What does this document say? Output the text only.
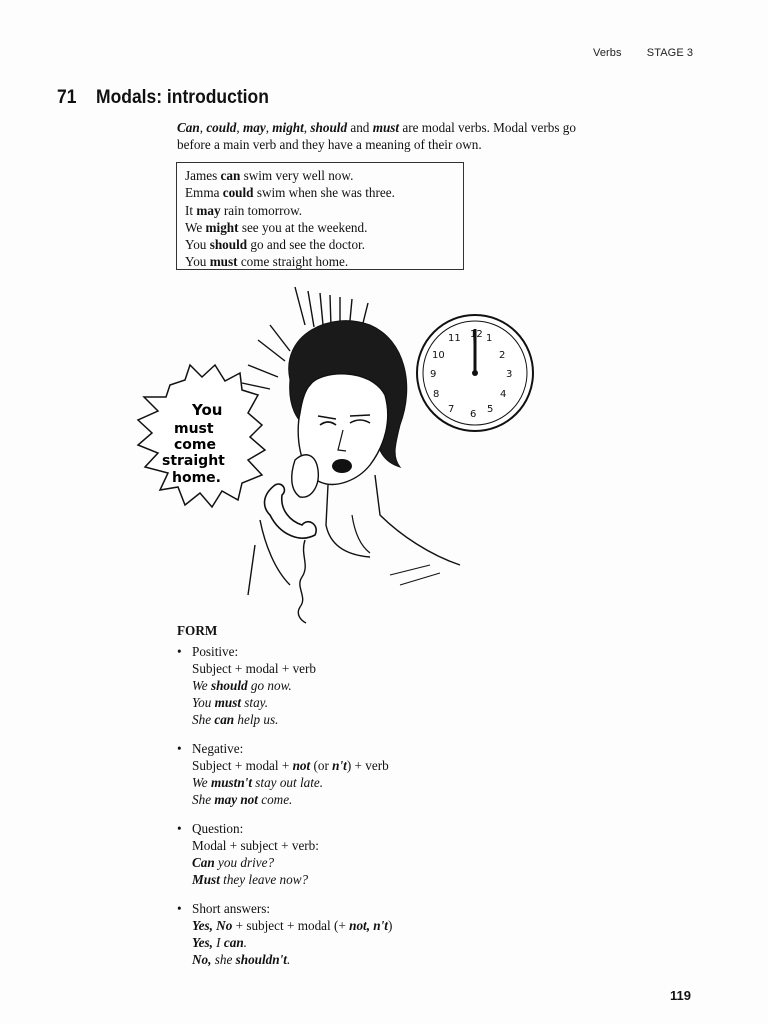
Verbs STAGE 3
71 Modals: introduction
Can, could, may, might, should and must are modal verbs. Modal verbs go
before a main verb and they have a meaning of their own.
James can swim very well now.
Emma could swim when she was three.
It may rain tomorrow.
We might see you at the weekend.
You should go and see the doctor.
You must come straight home.
You
must
come
straight
home.
12 1
2
3
4
5
6
7
8
9
10
11
FORM
• Positive:
Subject + modal + verb
We should go now.
You must stay.
She can help us.
• Negative:
Subject + modal + not (or n't) + verb
We mustn't stay out late.
She may not come.
• Question:
Modal + subject + verb:
Can you drive?
Must they leave now?
• Short answers:
Yes, No + subject + modal (+ not, n't)
Yes, I can.
No, she shouldn't.
119
